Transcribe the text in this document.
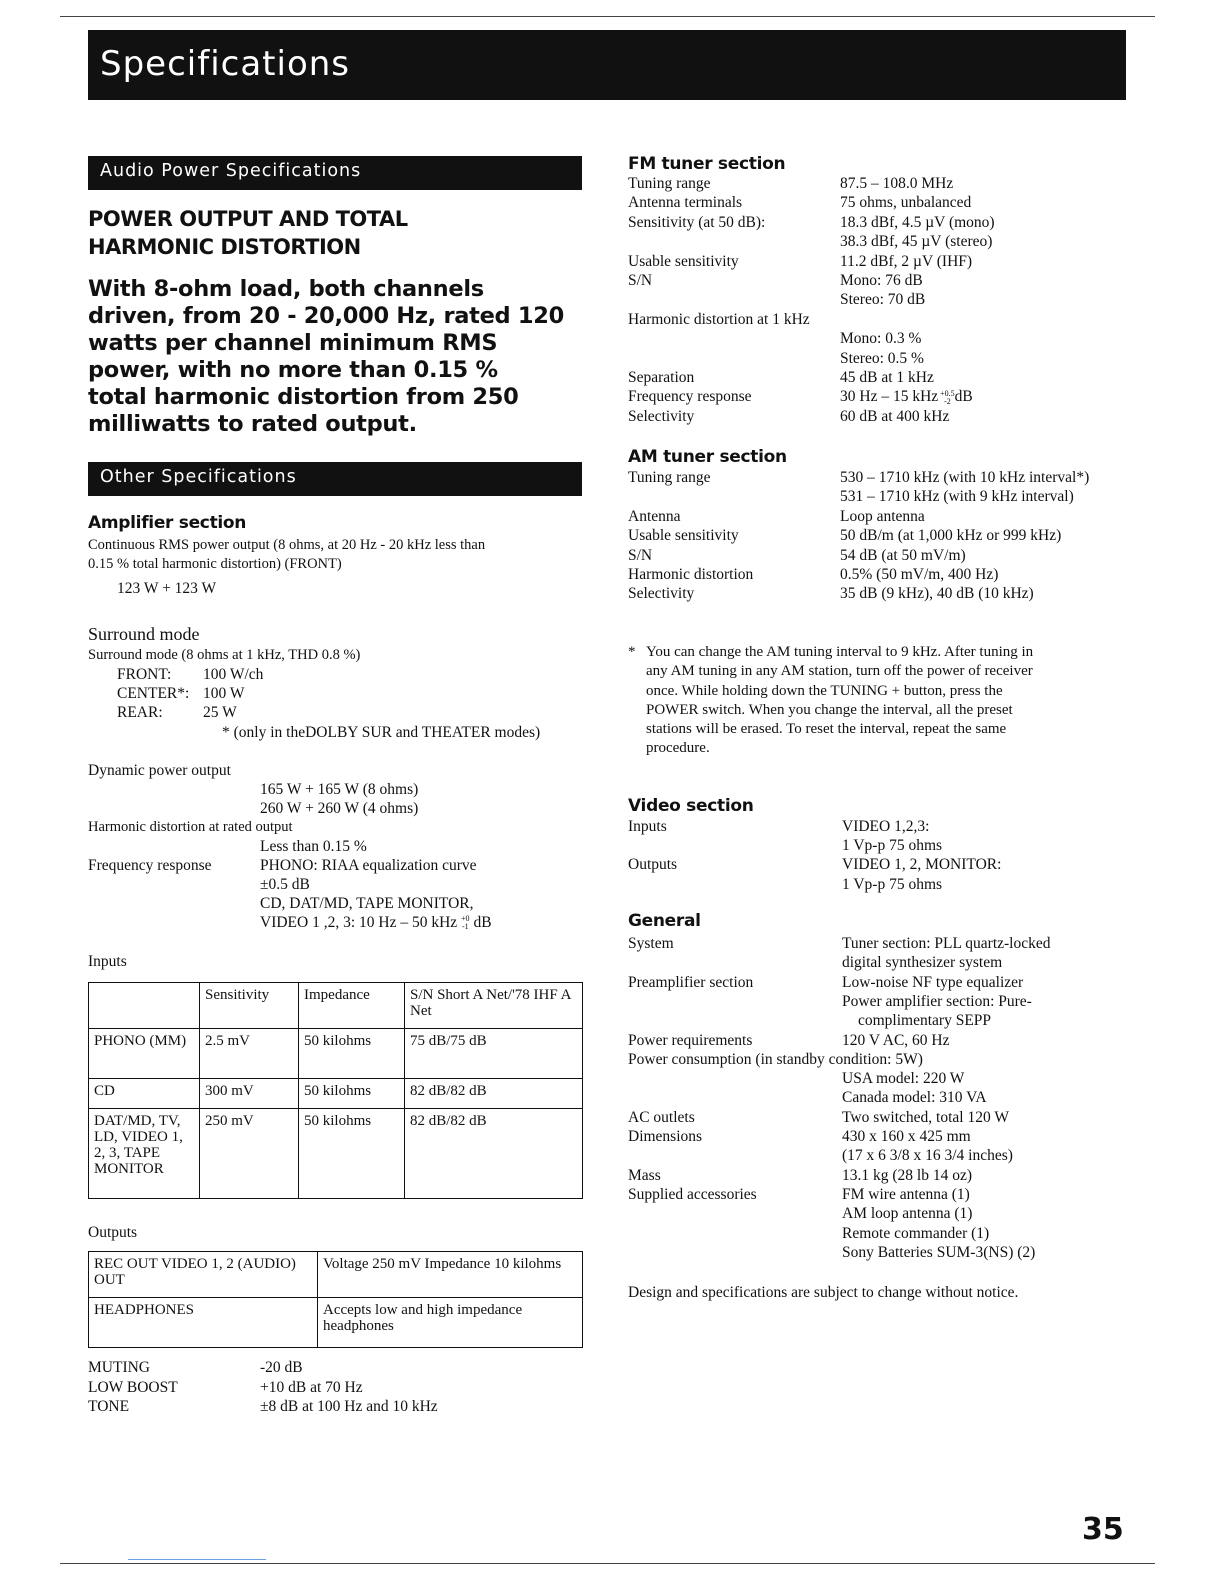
Specifications
Audio Power Specifications
POWER OUTPUT AND TOTAL
HARMONIC DISTORTION
With 8-ohm load, both channels
driven, from 20 - 20,000 Hz, rated 120
watts per channel minimum RMS
power, with no more than 0.15 %
total harmonic distortion from 250
milliwatts to rated output.
Other Specifications
Amplifier section
Continuous RMS power output (8 ohms, at 20 Hz - 20 kHz less than
0.15 % total harmonic distortion) (FRONT)
123 W + 123 W
Surround mode
Surround mode (8 ohms at 1 kHz, THD 0.8 %)
FRONT: 100 W/ch
CENTER*: 100 W
REAR:	25 W
* (only in theDOLBY SUR and THEATER modes)
Dynamic power output
165 W + 165 W (8 ohms)
260 W + 260 W (4 ohms)
Harmonic distortion at rated output
Less than 0.15 %
Frequency response	PHONO: RIAA equalization curve
±0.5 dB
CD, DAT/MD, TAPE MONITOR,
VIDEO 1 ,2, 3: 10 Hz – 50 kHz +0
-1 dB
Inputs
	Sensitivity	Impedance	S/N Short A Net/'78 IHF A Net
PHONO (MM)	2.5 mV	50 kilohms	75 dB/75 dB
CD	300 mV	50 kilohms	82 dB/82 dB
DAT/MD, TV, LD, VIDEO 1, 2, 3, TAPE MONITOR	250 mV	50 kilohms	82 dB/82 dB
Outputs
REC OUT VIDEO 1, 2 (AUDIO) OUT	Voltage 250 mV Impedance 10 kilohms
HEADPHONES	Accepts low and high impedance headphones
MUTING	-20 dB
LOW BOOST	+10 dB at 70 Hz
TONE	±8 dB at 100 Hz and 10 kHz
FM tuner section
Tuning range	87.5 – 108.0 MHz
Antenna terminals	75 ohms, unbalanced
Sensitivity (at 50 dB):	18.3 dBf, 4.5 µV (mono)
38.3 dBf, 45 µV (stereo)
Usable sensitivity	11.2 dBf, 2 µV (IHF)
S/N	Mono: 76 dB
Stereo: 70 dB
Harmonic distortion at 1 kHz
Mono: 0.3 %
Stereo: 0.5 %
Separation	45 dB at 1 kHz
Frequency response	30 Hz – 15 kHz +0.5
-2 dB
Selectivity	60 dB at 400 kHz
AM tuner section
Tuning range	530 – 1710 kHz (with 10 kHz interval*)
531 – 1710 kHz (with 9 kHz interval)
Antenna	Loop antenna
Usable sensitivity	50 dB/m (at 1,000 kHz or 999 kHz)
S/N	54 dB (at 50 mV/m)
Harmonic distortion	0.5% (50 mV/m, 400 Hz)
Selectivity	35 dB (9 kHz), 40 dB (10 kHz)
* You can change the AM tuning interval to 9 kHz. After tuning in
any AM tuning in any AM station, turn off the power of receiver
once. While holding down the TUNING + button, press the
POWER switch. When you change the interval, all the preset
stations will be erased. To reset the interval, repeat the same
procedure.
Video section
Inputs	VIDEO 1,2,3:
1 Vp-p 75 ohms
Outputs	VIDEO 1, 2, MONITOR:
1 Vp-p 75 ohms
General
System	Tuner section: PLL quartz-locked
digital synthesizer system
Preamplifier section	Low-noise NF type equalizer
Power amplifier section: Pure-
complimentary SEPP
Power requirements	120 V AC, 60 Hz
Power consumption (in standby condition: 5W)
USA model: 220 W
Canada model: 310 VA
AC outlets	Two switched, total 120 W
Dimensions	430 x 160 x 425 mm
(17 x 6 3/8 x 16 3/4 inches)
Mass	13.1 kg (28 lb 14 oz)
Supplied accessories	FM wire antenna (1)
AM loop antenna (1)
Remote commander (1)
Sony Batteries SUM-3(NS) (2)
Design and specifications are subject to change without notice.
35
